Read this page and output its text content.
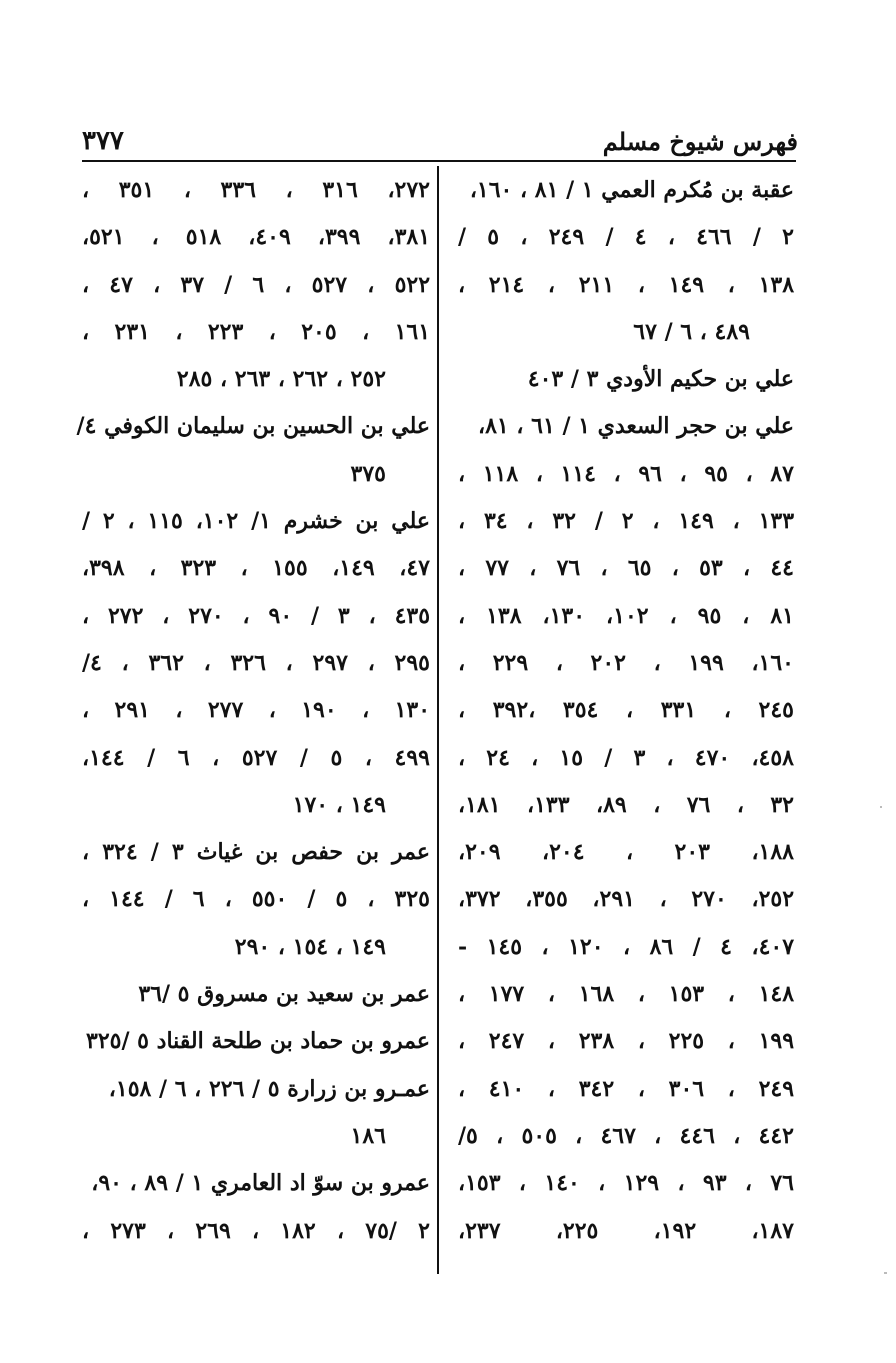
فهرس شيوخ مسلم
٣٧٧
عقبة بن مُكرم العمي ١ / ٨١ ، ١٦٠،
٢ / ٤٦٦ ، ٤ / ٢٤٩ ، ٥ /
١٣٨ ، ١٤٩ ، ٢١١ ، ٢١٤ ،
٤٨٩ ، ٦ / ٦٧
علي بن حكيم الأودي ٣ / ٤٠٣
علي بن حجر السعدي ١ / ٦١ ، ٨١،
٨٧ ، ٩٥ ، ٩٦ ، ١١٤ ، ١١٨ ،
١٣٣ ، ١٤٩ ، ٢ / ٣٢ ، ٣٤ ،
٤٤ ، ٥٣ ، ٦٥ ، ٧٦ ، ٧٧ ،
٨١ ، ٩٥ ، ١٠٢، ١٣٠، ١٣٨ ،
١٦٠، ١٩٩ ، ٢٠٢ ، ٢٢٩ ،
٢٤٥ ، ٣٣١ ، ٣٥٤ ،٣٩٢ ،
٤٥٨، ٤٧٠ ، ٣ / ١٥ ، ٢٤ ،
٣٢ ، ٧٦ ، ٨٩، ١٣٣، ١٨١،
١٨٨، ٢٠٣ ، ٢٠٤، ٢٠٩،
٢٥٢، ٢٧٠ ، ٢٩١، ٣٥٥، ٣٧٢،
٤٠٧، ٤ / ٨٦ ، ١٢٠ ، ١٤٥ -
١٤٨ ، ١٥٣ ، ١٦٨ ، ١٧٧ ،
١٩٩ ، ٢٢٥ ، ٢٣٨ ، ٢٤٧ ،
٢٤٩ ، ٣٠٦ ، ٣٤٢ ، ٤١٠ ،
٤٤٢ ، ٤٤٦ ، ٤٦٧ ، ٥٠٥ ، ٥/
٧٦ ، ٩٣ ، ١٢٩ ، ١٤٠ ، ١٥٣،
١٨٧، ١٩٢، ٢٢٥، ٢٣٧،
٢٧٢، ٣١٦ ، ٣٣٦ ، ٣٥١ ،
٣٨١، ٣٩٩، ٤٠٩، ٥١٨ ، ٥٢١،
٥٢٢ ، ٥٢٧ ، ٦ / ٣٧ ، ٤٧ ،
١٦١ ، ٢٠٥ ، ٢٢٣ ، ٢٣١ ،
٢٥٢ ، ٢٦٢ ، ٢٦٣ ، ٢٨٥
علي بن الحسين بن سليمان الكوفي ٤/
٣٧٥
علي بن خشرم ١/ ١٠٢، ١١٥ ، ٢ /
٤٧، ١٤٩، ١٥٥ ، ٣٢٣ ، ٣٩٨،
٤٣٥ ، ٣ / ٩٠ ، ٢٧٠ ، ٢٧٢ ،
٢٩٥ ، ٢٩٧ ، ٣٢٦ ، ٣٦٢ ، ٤/
١٣٠ ، ١٩٠ ، ٢٧٧ ، ٢٩١ ،
٤٩٩ ، ٥ / ٥٢٧ ، ٦ / ١٤٤،
١٤٩ ، ١٧٠
عمر بن حفص بن غياث ٣ / ٣٢٤ ،
٣٢٥ ، ٥ / ٥٥٠ ، ٦ / ١٤٤ ،
١٤٩ ، ١٥٤ ، ٢٩٠
عمر بن سعيد بن مسروق ٥ /٣٦
عمرو بن حماد بن طلحة القناد ٥ /٣٢٥
عمـرو بن زرارة ٥ / ٢٢٦ ، ٦ / ١٥٨،
١٨٦
عمرو بن سوّ اد العامري ١ / ٨٩ ، ٩٠،
٢ /٧٥ ، ١٨٢ ، ٢٦٩ ، ٢٧٣ ،
